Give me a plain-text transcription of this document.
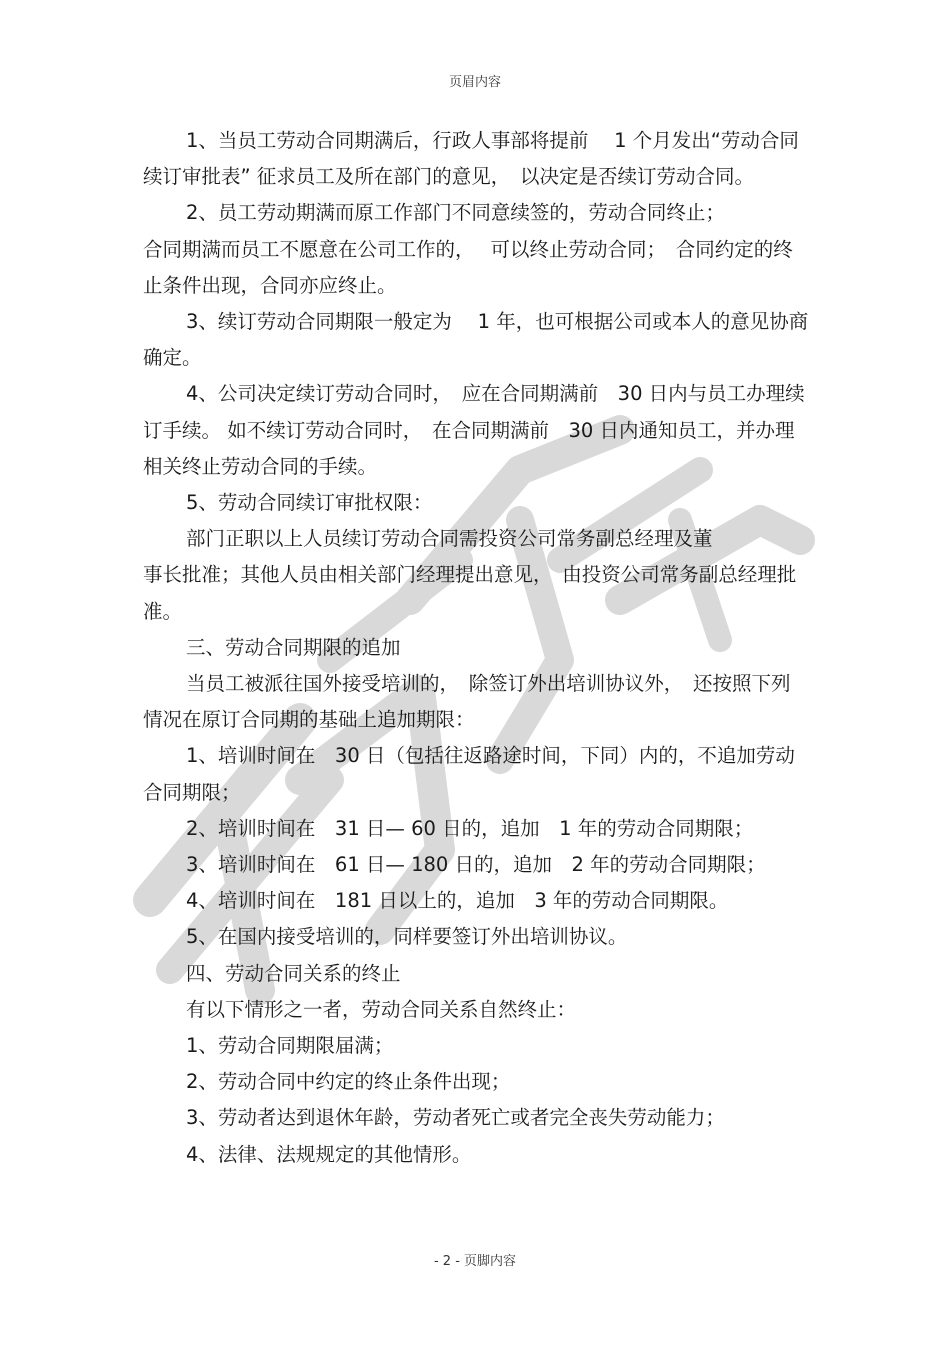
页眉内容

1、当员工劳动合同期满后，行政人事部将提前　 1 个月发出“劳动合同续订审批表” 征求员工及所在部门的意见，　以决定是否续订劳动合同。

2、员工劳动期满而原工作部门不同意续签的，劳动合同终止；

合同期满而员工不愿意在公司工作的，　 可以终止劳动合同；　合同约定的终止条件出现，合同亦应终止。

3、续订劳动合同期限一般定为　 1 年，也可根据公司或本人的意见协商确定。

4、公司决定续订劳动合同时，　应在合同期满前　30 日内与员工办理续订手续。 如不续订劳动合同时，　在合同期满前　30 日内通知员工，并办理相关终止劳动合同的手续。

5、劳动合同续订审批权限：

部门正职以上人员续订劳动合同需投资公司常务副总经理及董

事长批准；其他人员由相关部门经理提出意见，　由投资公司常务副总经理批准。

三、劳动合同期限的追加

当员工被派往国外接受培训的，　除签订外出培训协议外，　还按照下列情况在原订合同期的基础上追加期限：

1、培训时间在　30 日（包括往返路途时间，下同）内的，不追加劳动合同期限；

2、培训时间在　31 日— 60 日的，追加　1 年的劳动合同期限；

3、培训时间在　61 日— 180 日的，追加　2 年的劳动合同期限；

4、培训时间在　181 日以上的，追加　3 年的劳动合同期限。

5、在国内接受培训的，同样要签订外出培训协议。

四、劳动合同关系的终止

有以下情形之一者，劳动合同关系自然终止：

1、劳动合同期限届满；

2、劳动合同中约定的终止条件出现；

3、劳动者达到退休年龄，劳动者死亡或者完全丧失劳动能力；

4、法律、法规规定的其他情形。

- 2 - 页脚内容
